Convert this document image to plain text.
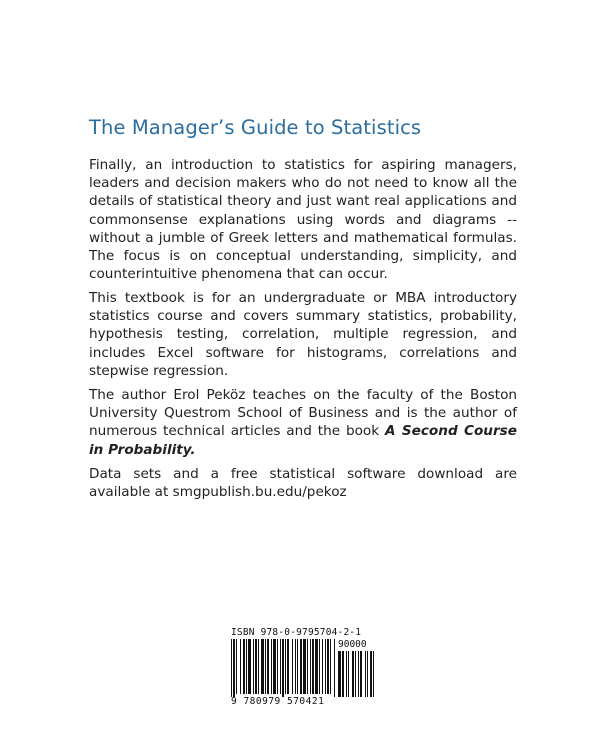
The Manager’s Guide to Statistics
Finally, an introduction to statistics for aspiring managers, leaders and decision makers who do not need to know all the details of statistical theory and just want real applications and commonsense explanations using words and diagrams -- without a jumble of Greek letters and mathematical formulas. The focus is on conceptual understanding, simplicity, and counterintuitive phenomena that can occur.
This textbook is for an undergraduate or MBA introductory statistics course and covers summary statistics, probability, hypothesis testing, correlation, multiple regression, and includes Excel software for histograms, correlations and stepwise regression.
The author Erol Peköz teaches on the faculty of the Boston University Questrom School of Business and is the author of numerous technical articles and the book A Second Course in Probability.
Data sets and a free statistical software download are available at smgpublish.bu.edu/pekoz
ISBN 978-0-9795704-2-1
90000
9 780979 570421
